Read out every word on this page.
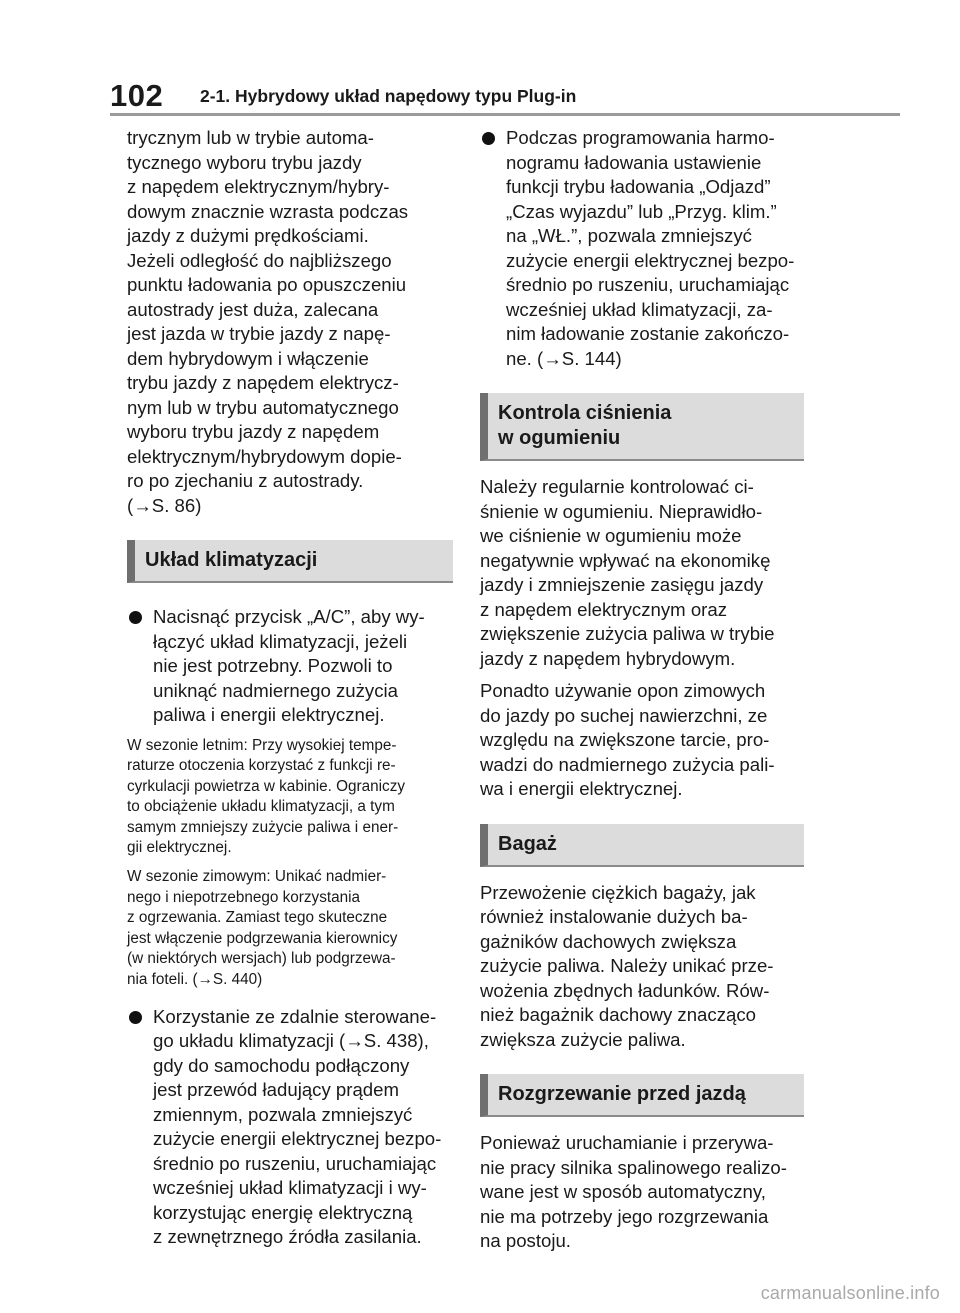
102 2-1. Hybrydowy układ napędowy typu Plug-in
trycznym lub w trybie automa-
tycznego wyboru trybu jazdy
z napędem elektrycznym/hybry-
dowym znacznie wzrasta podczas
jazdy z dużymi prędkościami.
Jeżeli odległość do najbliższego
punktu ładowania po opuszczeniu
autostrady jest duża, zalecana
jest jazda w trybie jazdy z napę-
dem hybrydowym i włączenie
trybu jazdy z napędem elektrycz-
nym lub w trybu automatycznego
wyboru trybu jazdy z napędem
elektrycznym/hybrydowym dopie-
ro po zjechaniu z autostrady.
(→S. 86)
Układ klimatyzacji
Nacisnąć przycisk „A/C”, aby wy-
łączyć układ klimatyzacji, jeżeli
nie jest potrzebny. Pozwoli to
uniknąć nadmiernego zużycia
paliwa i energii elektrycznej.
W sezonie letnim: Przy wysokiej tempe-
raturze otoczenia korzystać z funkcji re-
cyrkulacji powietrza w kabinie. Ograniczy
to obciążenie układu klimatyzacji, a tym
samym zmniejszy zużycie paliwa i ener-
gii elektrycznej.
W sezonie zimowym: Unikać nadmier-
nego i niepotrzebnego korzystania
z ogrzewania. Zamiast tego skuteczne
jest włączenie podgrzewania kierownicy
(w niektórych wersjach) lub podgrzewa-
nia foteli. (→S. 440)
Korzystanie ze zdalnie sterowane-
go układu klimatyzacji (→S. 438),
gdy do samochodu podłączony
jest przewód ładujący prądem
zmiennym, pozwala zmniejszyć
zużycie energii elektrycznej bezpo-
średnio po ruszeniu, uruchamiając
wcześniej układ klimatyzacji i wy-
korzystując energię elektryczną
z zewnętrznego źródła zasilania.
Podczas programowania harmo-
nogramu ładowania ustawienie
funkcji trybu ładowania „Odjazd”
„Czas wyjazdu” lub „Przyg. klim.”
na „WŁ.”, pozwala zmniejszyć
zużycie energii elektrycznej bezpo-
średnio po ruszeniu, uruchamiając
wcześniej układ klimatyzacji, za-
nim ładowanie zostanie zakończo-
ne. (→S. 144)
Kontrola ciśnienia
w ogumieniu
Należy regularnie kontrolować ci-
śnienie w ogumieniu. Nieprawidło-
we ciśnienie w ogumieniu może
negatywnie wpływać na ekonomikę
jazdy i zmniejszenie zasięgu jazdy
z napędem elektrycznym oraz
zwiększenie zużycia paliwa w trybie
jazdy z napędem hybrydowym.
Ponadto używanie opon zimowych
do jazdy po suchej nawierzchni, ze
względu na zwiększone tarcie, pro-
wadzi do nadmiernego zużycia pali-
wa i energii elektrycznej.
Bagaż
Przewożenie ciężkich bagaży, jak
również instalowanie dużych ba-
gażników dachowych zwiększa
zużycie paliwa. Należy unikać prze-
wożenia zbędnych ładunków. Rów-
nież bagażnik dachowy znacząco
zwiększa zużycie paliwa.
Rozgrzewanie przed jazdą
Ponieważ uruchamianie i przerywa-
nie pracy silnika spalinowego realizo-
wane jest w sposób automatyczny,
nie ma potrzeby jego rozgrzewania
na postoju.
carmanualsonline.info
